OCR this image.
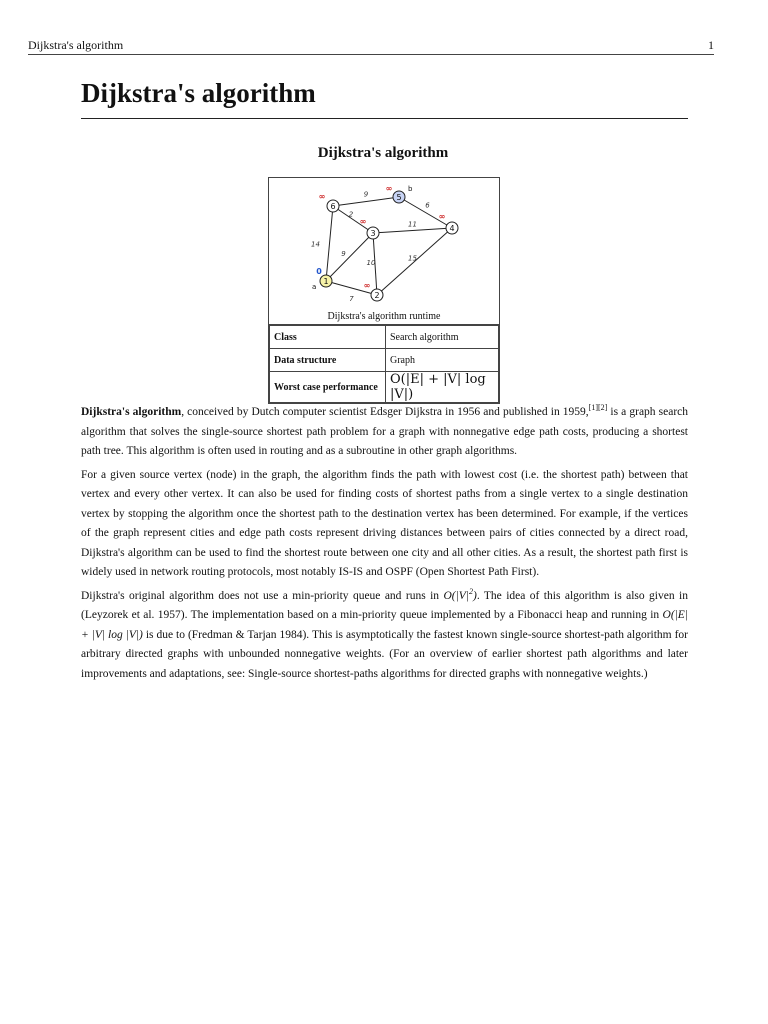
Dijkstra's algorithm	1
Dijkstra's algorithm
Dijkstra's algorithm
7
9
14
10
15
11
2
6
9
1
0
a
2
∞
3
∞
4
∞
5
∞ b
6
∞
Dijkstra's algorithm runtime
Class	Search algorithm
Data structure	Graph
Worst case performance	O(|E| + |V| log |V|)

Dijkstra's algorithm, conceived by Dutch computer scientist Edsger Dijkstra in 1956 and published in 1959,[1][2] is a graph search algorithm that solves the single-source shortest path problem for a graph with nonnegative edge path costs, producing a shortest path tree. This algorithm is often used in routing and as a subroutine in other graph algorithms.

For a given source vertex (node) in the graph, the algorithm finds the path with lowest cost (i.e. the shortest path) between that vertex and every other vertex. It can also be used for finding costs of shortest paths from a single vertex to a single destination vertex by stopping the algorithm once the shortest path to the destination vertex has been determined. For example, if the vertices of the graph represent cities and edge path costs represent driving distances between pairs of cities connected by a direct road, Dijkstra's algorithm can be used to find the shortest route between one city and all other cities. As a result, the shortest path first is widely used in network routing protocols, most notably IS-IS and OSPF (Open Shortest Path First).

Dijkstra's original algorithm does not use a min-priority queue and runs in $O(|V|^2)$. The idea of this algorithm is also given in (Leyzorek et al. 1957). The implementation based on a min-priority queue implemented by a Fibonacci heap and running in O(|E| + |V| log |V|) is due to (Fredman & Tarjan 1984). This is asymptotically the fastest known single-source shortest-path algorithm for arbitrary directed graphs with unbounded nonnegative weights. (For an overview of earlier shortest path algorithms and later improvements and adaptations, see: Single-source shortest-paths algorithms for directed graphs with nonnegative weights.)
